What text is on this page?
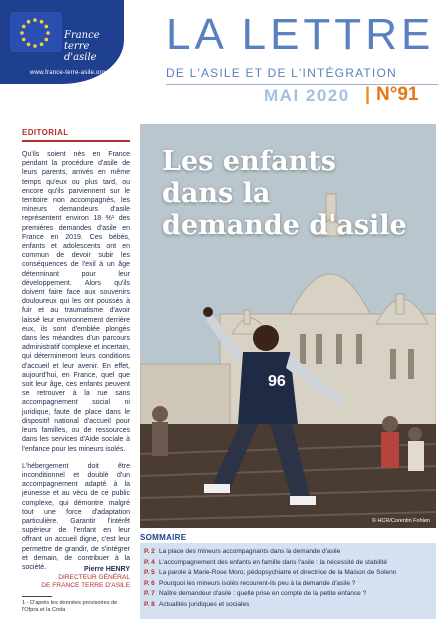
France terre d'asile
www.france-terre-asile.org
LA LETTRE
DE L'ASILE ET DE L'INTÉGRATION
MAI 2020 | N°91
EDITORIAL

Qu'ils soient nés en France pendant la procédure d'asile de leurs parents, arrivés en même temps qu'eux ou plus tard, ou encore qu'ils parviennent sur le territoire non accompagnés, les mineurs demandeurs d'asile représentent environ 18 %¹ des premières demandes d'asile en France en 2019. Ces bébés, enfants et adolescents ont en commun de devoir subir les conséquences de l'exil à un âge déterminant pour leur développement. Alors qu'ils doivent faire face aux souvenirs douloureux qui les ont poussés à fuir et au traumatisme d'avoir laissé leur environnement derrière eux, ils sont d'emblée plongés dans les méandres d'un parcours administratif complexe et incertain, qui détermineront leurs conditions d'accueil et leur avenir. En effet, aujourd'hui, en France, quel que soit leur âge, ces enfants peuvent se retrouver à la rue sans accompagnement social ni juridique, faute de place dans le dispositif national d'accueil pour leurs familles, ou de ressources dans les services d'Aide sociale à l'enfance pour les mineurs isolés.

L'hébergement doit être inconditionnel et doublé d'un accompagnement adapté à la jeunesse et au vécu de ce public complexe, qui démontre malgré tout une force d'adaptation particulière. Garantir l'intérêt supérieur de l'enfant en leur offrant un accueil digne, c'est leur permettre de grandir, de s'intégrer et demain, de contribuer à la société.	Pierre HENRY
DIRECTEUR GÉNÉRAL
DE FRANCE TERRE D'ASILE
1 - D'après les données provisoires de l'Ofpra et la Cnda
96
Les enfants dans la demande d'asile
© HCR/Corentin Fohlen
SOMMAIRE
P. 2 La place des mineurs accompagnants dans la demande d'asile
P. 4 L'accompagnement des enfants en famille dans l'asile : la nécessité de stabilité
P. 5 La parole à Marie-Rose Moro, pédopsychiatre et directrice de la Maison de Solenn
P. 6 Pourquoi les mineurs isolés recourent-ils peu à la demande d'asile ?
P. 7 Naître demandeur d'asile : quelle prise en compte de la petite enfance ?
P. 8 Actualités juridiques et sociales
